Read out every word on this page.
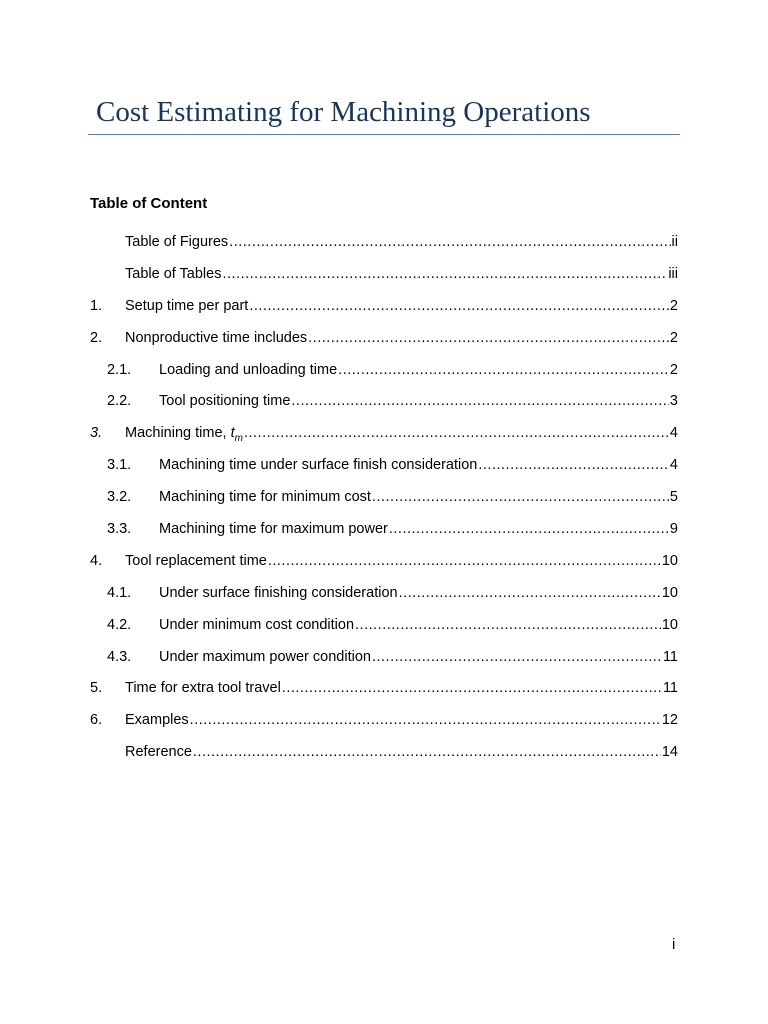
Cost Estimating for Machining Operations
Table of Content
Table of Figures .....	ii
Table of Tables .....	iii
1.	Setup time per part .....	2
2.	Nonproductive time includes .....	2
2.1.	Loading and unloading time .....	2
2.2.	Tool positioning time .....	3
3.	Machining time, $t_m$ .....	4
3.1.	Machining time under surface finish consideration .....	4
3.2.	Machining time for minimum cost .....	5
3.3.	Machining time for maximum power .....	9
4.	Tool replacement time .....	10
4.1.	Under surface finishing consideration .....	10
4.2.	Under minimum cost condition .....	10
4.3.	Under maximum power condition .....	11
5.	Time for extra tool travel .....	11
6.	Examples .....	12
Reference .....	14
i
